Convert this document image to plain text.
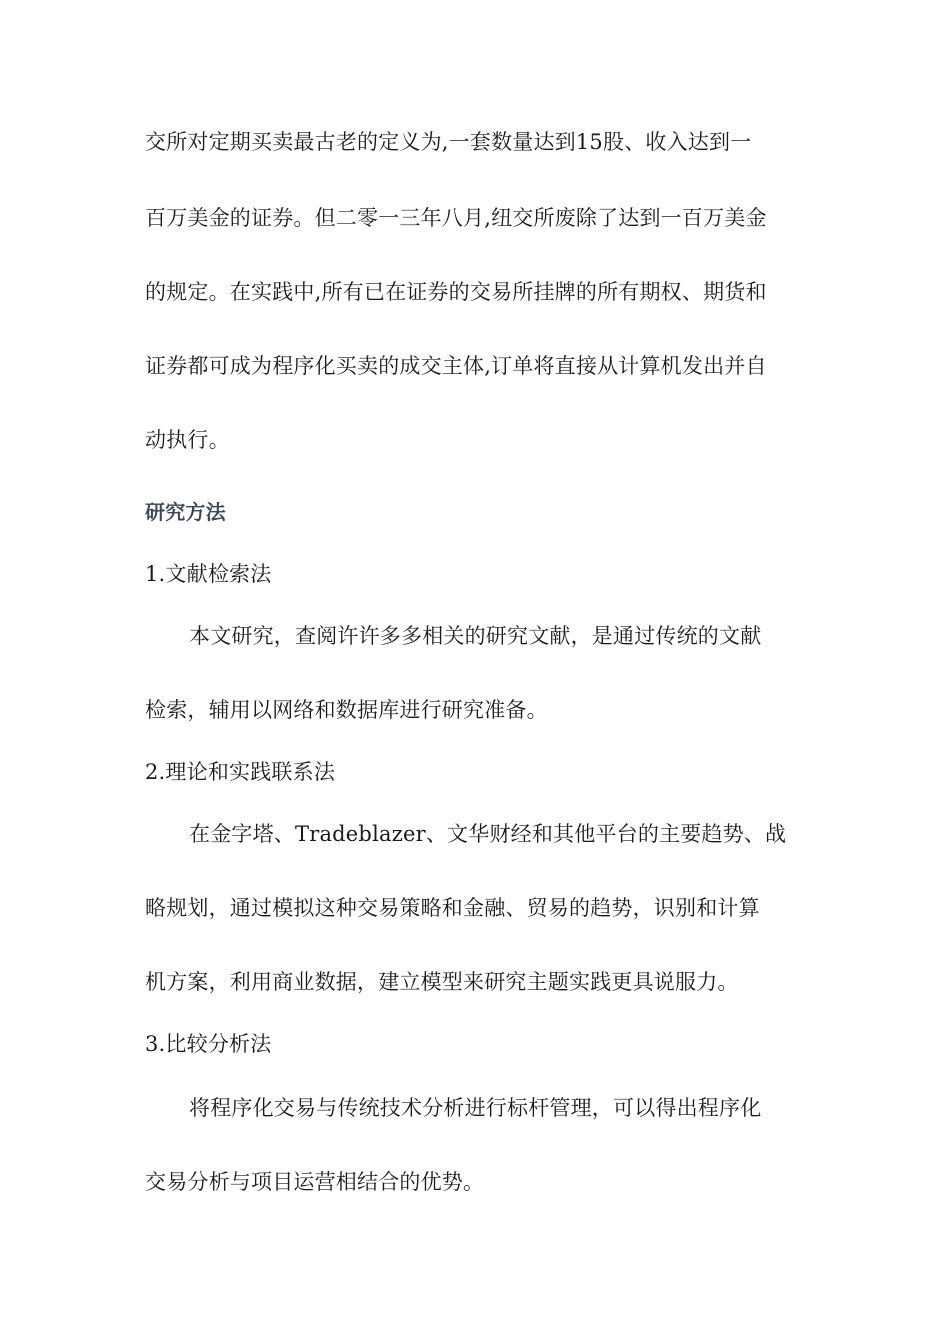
交所对定期买卖最古老的定义为,一套数量达到15股、收入达到一
百万美金的证券。但二零一三年八月,纽交所废除了达到一百万美金
的规定。在实践中,所有已在证券的交易所挂牌的所有期权、期货和
证券都可成为程序化买卖的成交主体,订单将直接从计算机发出并自
动执行。
研究方法
1.文献检索法
本文研究，查阅许许多多相关的研究文献，是通过传统的文献
检索，辅用以网络和数据库进行研究准备。
2.理论和实践联系法
在金字塔、Tradeblazer、文华财经和其他平台的主要趋势、战
略规划，通过模拟这种交易策略和金融、贸易的趋势，识别和计算
机方案，利用商业数据，建立模型来研究主题实践更具说服力。
3.比较分析法
将程序化交易与传统技术分析进行标杆管理，可以得出程序化
交易分析与项目运营相结合的优势。
